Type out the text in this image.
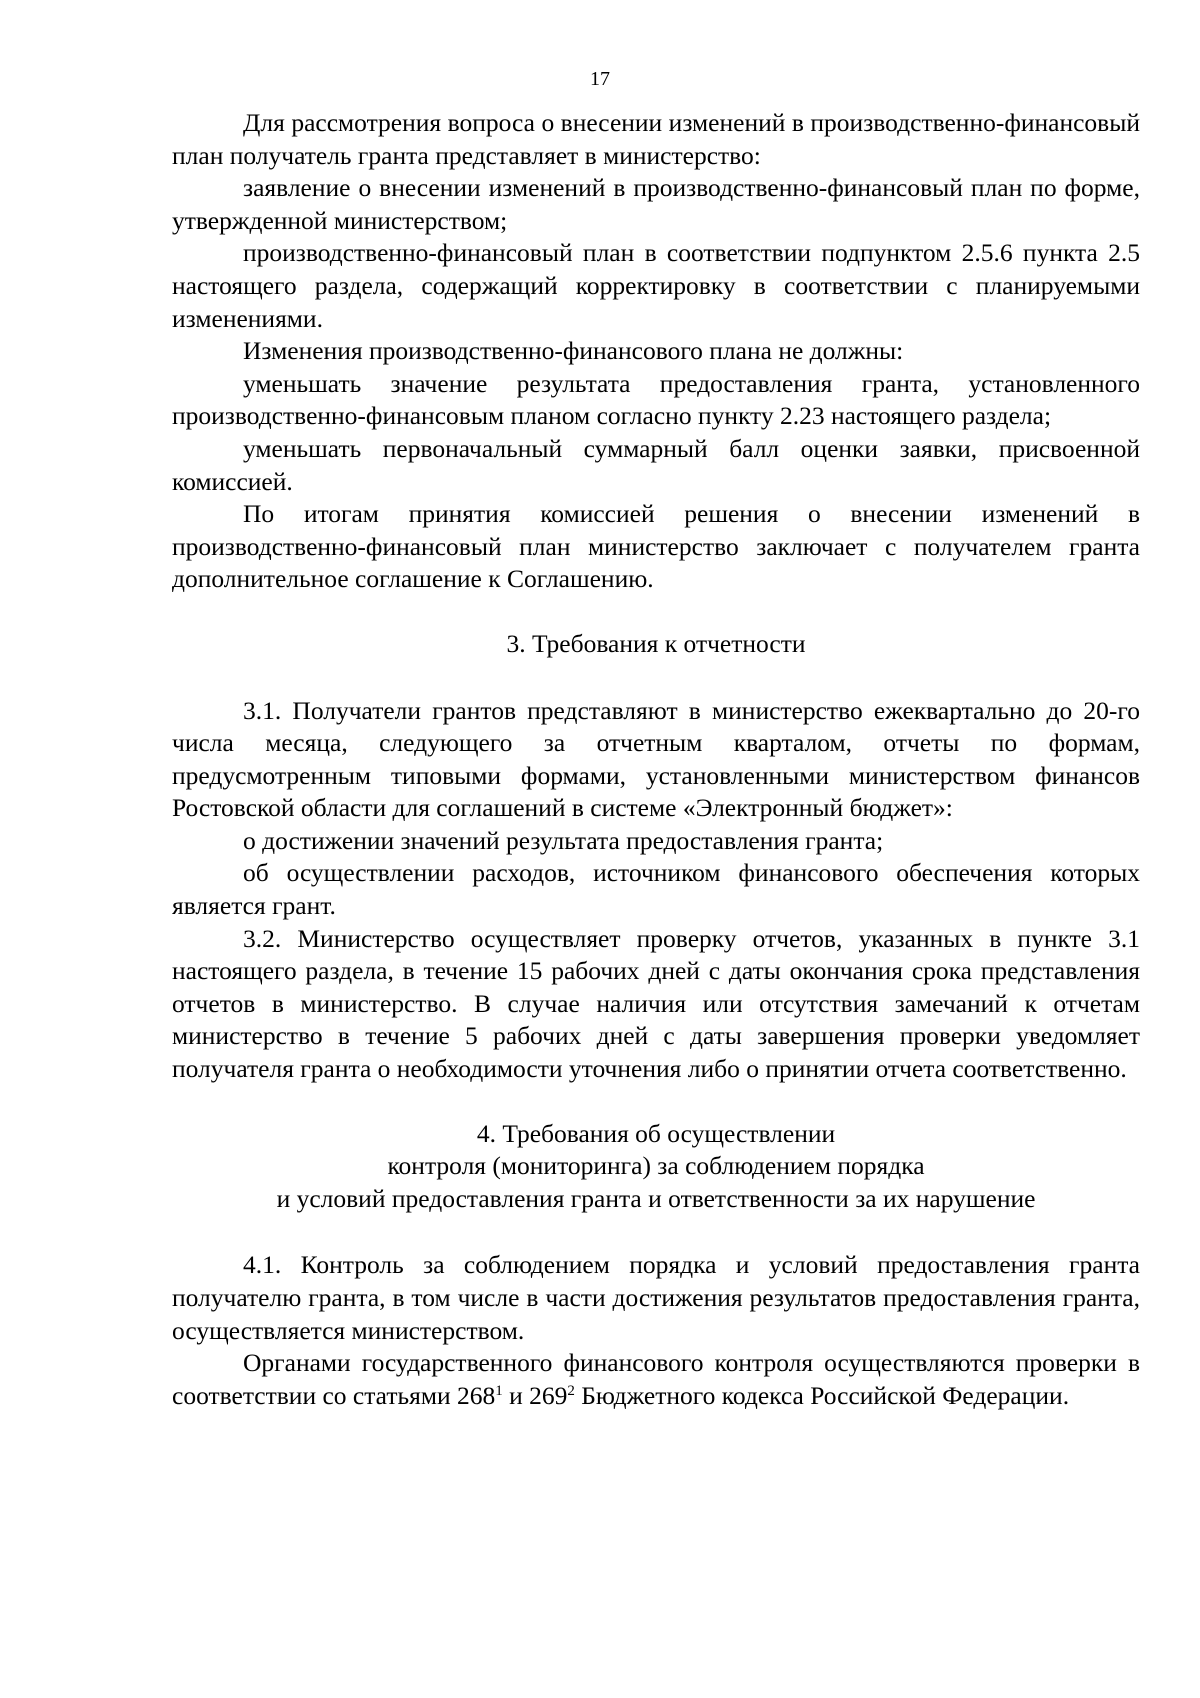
17

Для рассмотрения вопроса о внесении изменений в производственно-финансовый план получатель гранта представляет в министерство:

заявление о внесении изменений в производственно-финансовый план по форме, утвержденной министерством;

производственно-финансовый план в соответствии подпунктом 2.5.6 пункта 2.5 настоящего раздела, содержащий корректировку в соответствии с планируемыми изменениями.

Изменения производственно-финансового плана не должны:

уменьшать значение результата предоставления гранта, установленного производственно-финансовым планом согласно пункту 2.23 настоящего раздела;

уменьшать первоначальный суммарный балл оценки заявки, присвоенной комиссией.

По итогам принятия комиссией решения о внесении изменений в производственно-финансовый план министерство заключает с получателем гранта дополнительное соглашение к Соглашению.

3. Требования к отчетности

3.1. Получатели грантов представляют в министерство ежеквартально до 20-го числа месяца, следующего за отчетным кварталом, отчеты по формам, предусмотренным типовыми формами, установленными министерством финансов Ростовской области для соглашений в системе «Электронный бюджет»:

о достижении значений результата предоставления гранта;

об осуществлении расходов, источником финансового обеспечения которых является грант.

3.2. Министерство осуществляет проверку отчетов, указанных в пункте 3.1 настоящего раздела, в течение 15 рабочих дней с даты окончания срока представления отчетов в министерство. В случае наличия или отсутствия замечаний к отчетам министерство в течение 5 рабочих дней с даты завершения проверки уведомляет получателя гранта о необходимости уточнения либо о принятии отчета соответственно.

4. Требования об осуществлении

контроля (мониторинга) за соблюдением порядка

и условий предоставления гранта и ответственности за их нарушение

4.1. Контроль за соблюдением порядка и условий предоставления гранта получателю гранта, в том числе в части достижения результатов предоставления гранта, осуществляется министерством.

Органами государственного финансового контроля осуществляются проверки в соответствии со статьями $268^1$ и $269^2$ Бюджетного кодекса Российской Федерации.
